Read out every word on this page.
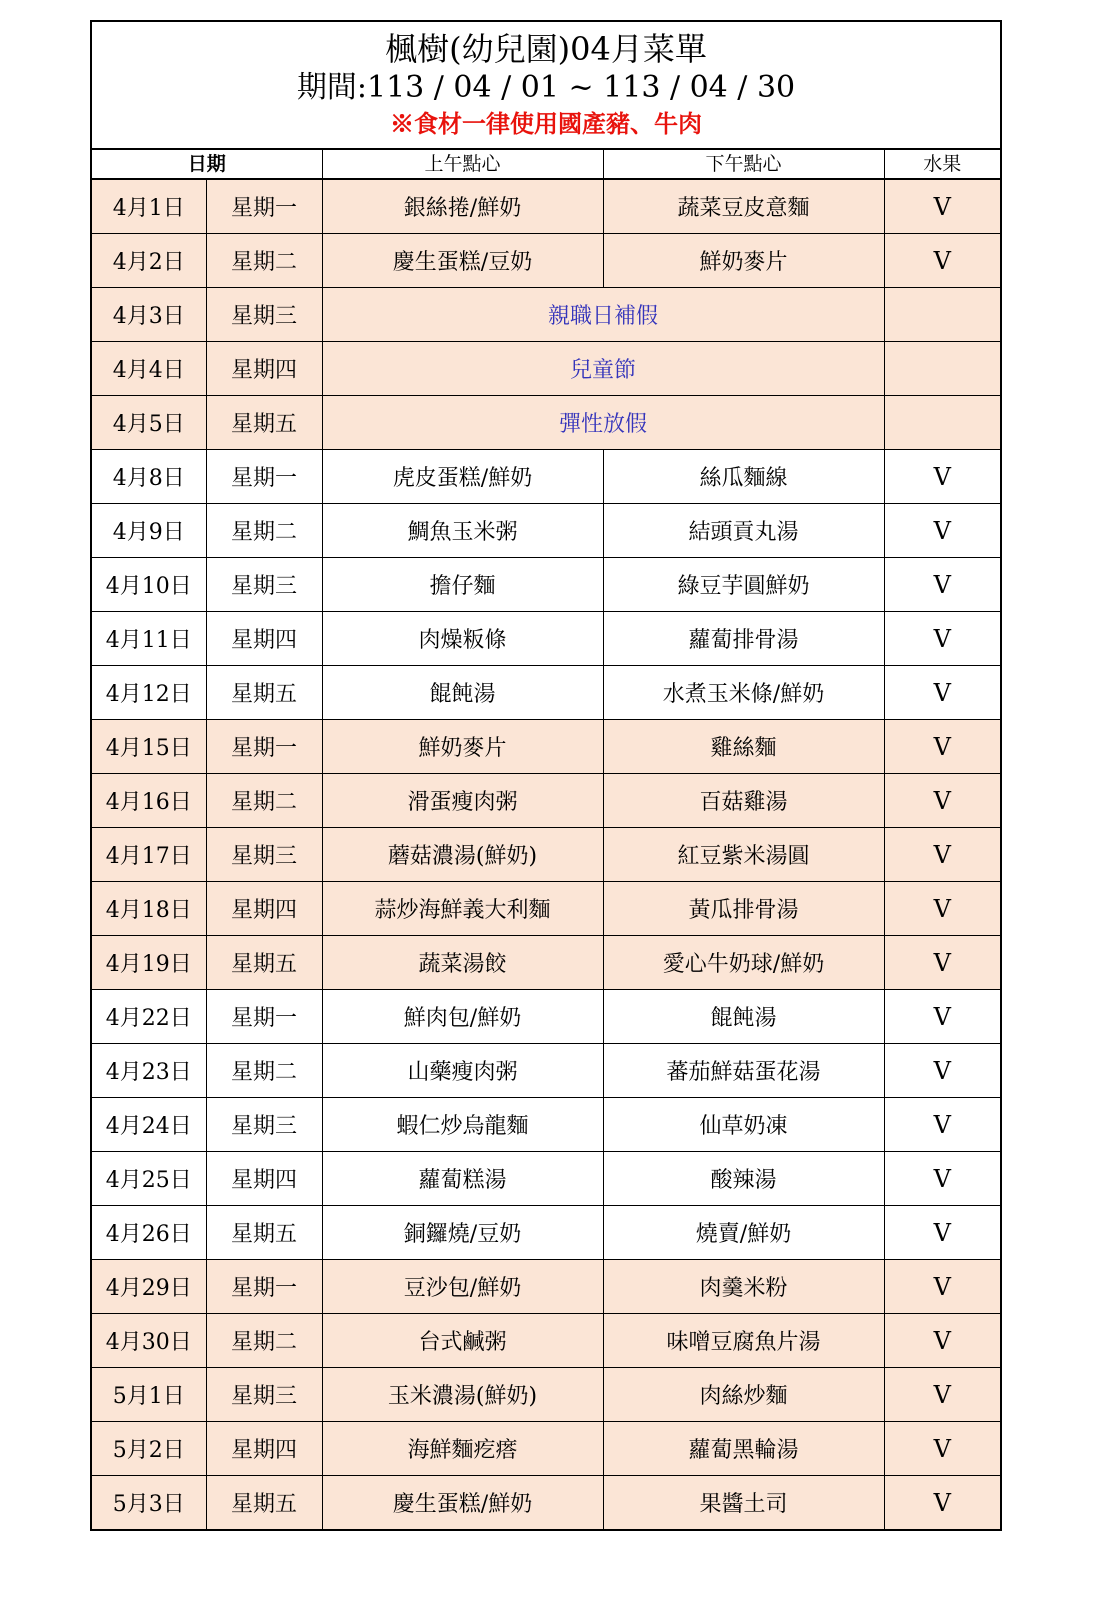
楓樹(幼兒園)04月菜單
期間:113 / 04 / 01 ~ 113 / 04 / 30
※食材一律使用國產豬、牛肉				

日期		上午點心	下午點心	水果
4月1日	星期一	銀絲捲/鮮奶	蔬菜豆皮意麵	V
4月2日	星期二	慶生蛋糕/豆奶	鮮奶麥片	V
4月3日	星期三	親職日補假		
4月4日	星期四	兒童節		
4月5日	星期五	彈性放假		
4月8日	星期一	虎皮蛋糕/鮮奶	絲瓜麵線	V
4月9日	星期二	鯛魚玉米粥	結頭貢丸湯	V
4月10日	星期三	擔仔麵	綠豆芋圓鮮奶	V
4月11日	星期四	肉燥粄條	蘿蔔排骨湯	V
4月12日	星期五	餛飩湯	水煮玉米條/鮮奶	V
4月15日	星期一	鮮奶麥片	雞絲麵	V
4月16日	星期二	滑蛋瘦肉粥	百菇雞湯	V
4月17日	星期三	蘑菇濃湯(鮮奶)	紅豆紫米湯圓	V
4月18日	星期四	蒜炒海鮮義大利麵	黃瓜排骨湯	V
4月19日	星期五	蔬菜湯餃	愛心牛奶球/鮮奶	V
4月22日	星期一	鮮肉包/鮮奶	餛飩湯	V
4月23日	星期二	山藥瘦肉粥	蕃茄鮮菇蛋花湯	V
4月24日	星期三	蝦仁炒烏龍麵	仙草奶凍	V
4月25日	星期四	蘿蔔糕湯	酸辣湯	V
4月26日	星期五	銅鑼燒/豆奶	燒賣/鮮奶	V
4月29日	星期一	豆沙包/鮮奶	肉羹米粉	V
4月30日	星期二	台式鹹粥	味噌豆腐魚片湯	V
5月1日	星期三	玉米濃湯(鮮奶)	肉絲炒麵	V
5月2日	星期四	海鮮麵疙瘩	蘿蔔黑輪湯	V
5月3日	星期五	慶生蛋糕/鮮奶	果醬土司	V
